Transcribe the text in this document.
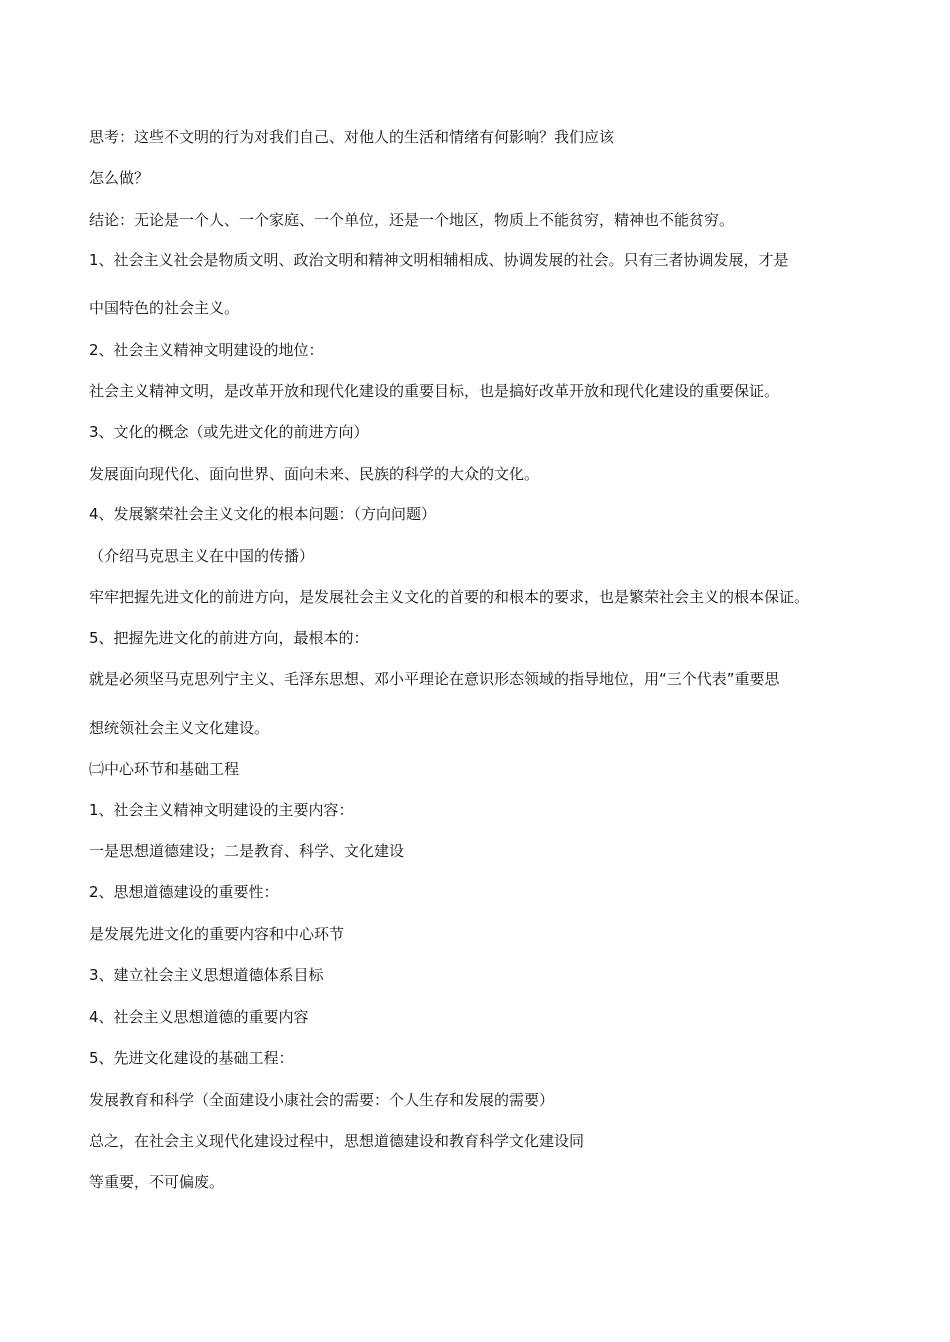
思考：这些不文明的行为对我们自己、对他人的生活和情绪有何影响？我们应该

怎么做？

结论：无论是一个人、一个家庭、一个单位，还是一个地区，物质上不能贫穷，精神也不能贫穷。

1、社会主义社会是物质文明、政治文明和精神文明相辅相成、协调发展的社会。只有三者协调发展，才是

中国特色的社会主义。

2、社会主义精神文明建设的地位：

社会主义精神文明，是改革开放和现代化建设的重要目标，也是搞好改革开放和现代化建设的重要保证。

3、文化的概念（或先进文化的前进方向）

发展面向现代化、面向世界、面向未来、民族的科学的大众的文化。

4、发展繁荣社会主义文化的根本问题：（方向问题）

（介绍马克思主义在中国的传播）

牢牢把握先进文化的前进方向，是发展社会主义文化的首要的和根本的要求，也是繁荣社会主义的根本保证。

5、把握先进文化的前进方向，最根本的：

就是必须坚马克思列宁主义、毛泽东思想、邓小平理论在意识形态领域的指导地位，用“三个代表”重要思

想统领社会主义文化建设。

㈡中心环节和基础工程

1、社会主义精神文明建设的主要内容：

一是思想道德建设；二是教育、科学、文化建设

2、思想道德建设的重要性：

是发展先进文化的重要内容和中心环节

3、建立社会主义思想道德体系目标

4、社会主义思想道德的重要内容

5、先进文化建设的基础工程：

发展教育和科学（全面建设小康社会的需要：个人生存和发展的需要）

总之，在社会主义现代化建设过程中，思想道德建设和教育科学文化建设同

等重要，不可偏废。
